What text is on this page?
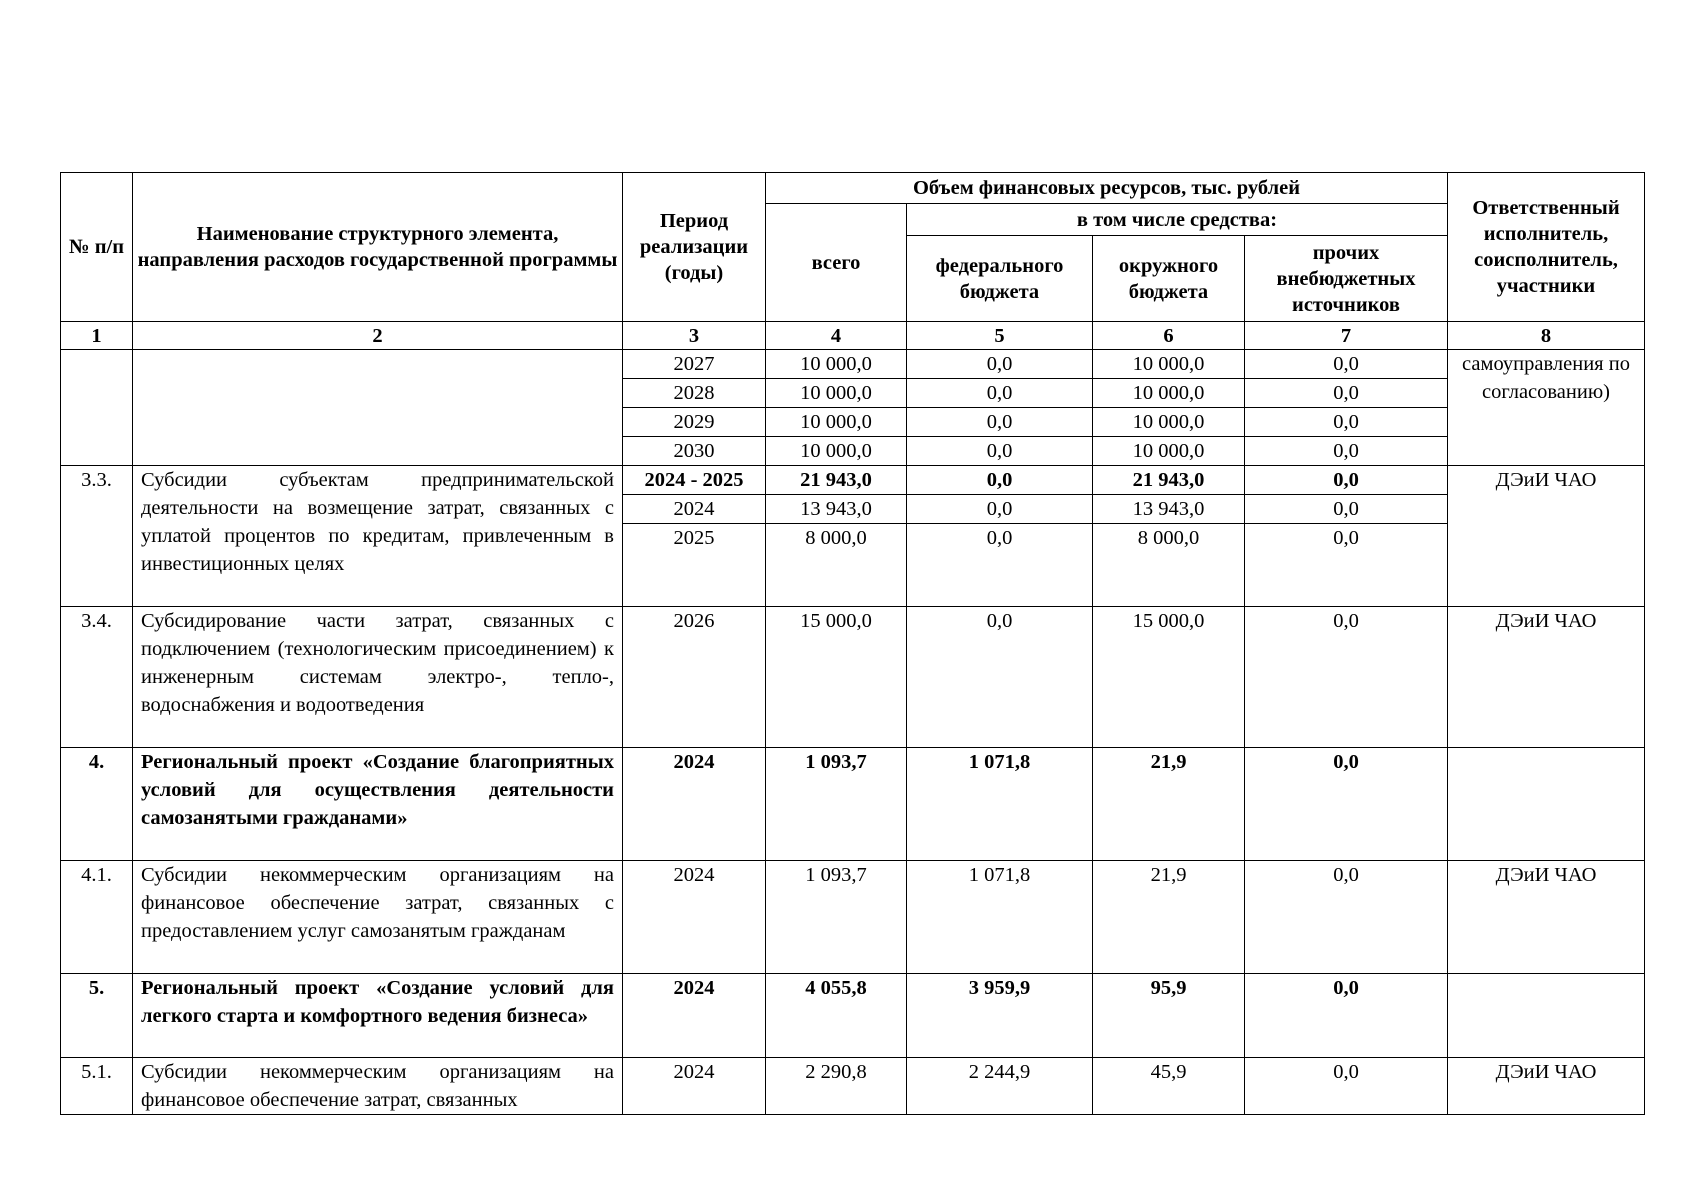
№ п/п	Наименование структурного элемента, направления расходов государственной программы	Период реализации (годы)	Объем финансовых ресурсов, тыс. рублей				Ответственный исполнитель, соисполнитель, участники
			всего	в том числе средства:			
				федерального бюджета	окружного бюджета	прочих внебюджетных источников	
1	2	3	4	5	6	7	8
		2027	10 000,0	0,0	10 000,0	0,0	самоуправления по согласованию)
		2028	10 000,0	0,0	10 000,0	0,0	
		2029	10 000,0	0,0	10 000,0	0,0	
		2030	10 000,0	0,0	10 000,0	0,0	
3.3.	Субсидии субъектам предпринимательской деятельности на возмещение затрат, связанных с уплатой процентов по кредитам, привлеченным в инвестиционных целях	2024 - 2025	21 943,0	0,0	21 943,0	0,0	ДЭиИ ЧАО
		2024	13 943,0	0,0	13 943,0	0,0	
		2025	8 000,0	0,0	8 000,0	0,0	
3.4.	Субсидирование части затрат, связанных с подключением (технологическим присоединением) к инженерным системам электро-, тепло-, водоснабжения и водоотведения	2026	15 000,0	0,0	15 000,0	0,0	ДЭиИ ЧАО
4.	Региональный проект «Создание благоприятных условий для осуществления деятельности самозанятыми гражданами»	2024	1 093,7	1 071,8	21,9	0,0	
4.1.	Субсидии некоммерческим организациям на финансовое обеспечение затрат, связанных с предоставлением услуг самозанятым гражданам	2024	1 093,7	1 071,8	21,9	0,0	ДЭиИ ЧАО
5.	Региональный проект «Создание условий для легкого старта и комфортного ведения бизнеса»	2024	4 055,8	3 959,9	95,9	0,0	
5.1.	Субсидии некоммерческим организациям на финансовое обеспечение затрат, связанных	2024	2 290,8	2 244,9	45,9	0,0	ДЭиИ ЧАО
